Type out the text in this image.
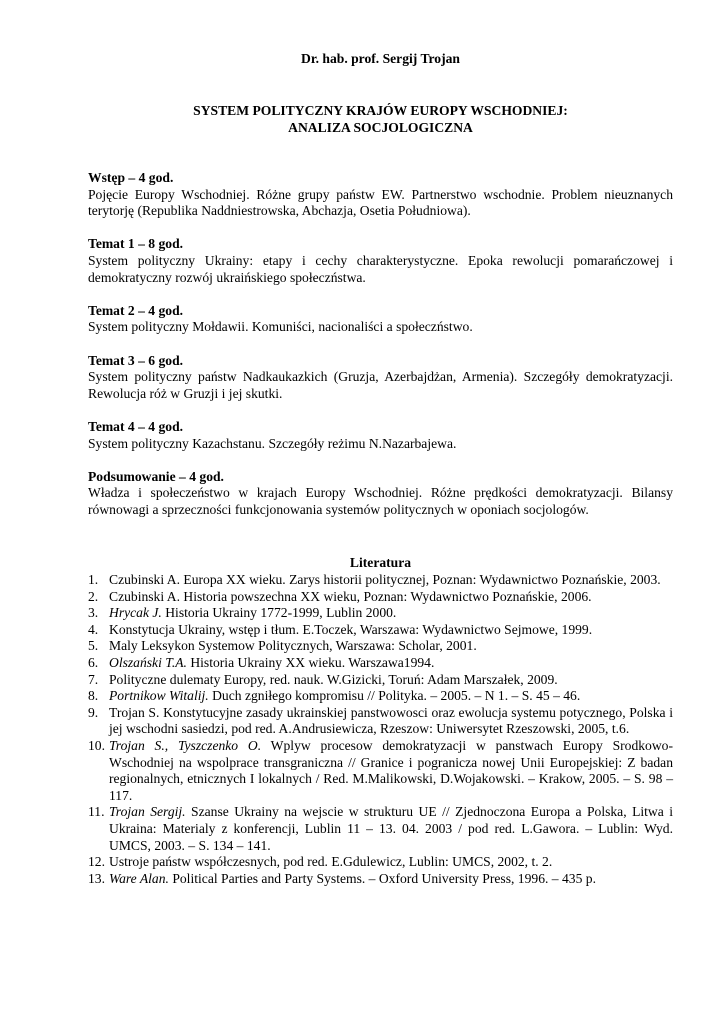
Dr. hab. prof. Sergij Trojan

SYSTEM POLITYCZNY KRAJÓW EUROPY WSCHODNIEJ:
ANALIZA SOCJOLOGICZNA

Wstęp – 4 god.

Pojęcie Europy Wschodniej. Różne grupy państw EW. Partnerstwo wschodnie. Problem nieuznanych terytorję (Republika Naddniestrowska, Abchazja, Osetia Południowa).

Temat 1 – 8 god.

System polityczny Ukrainy: etapy i cechy charakterystyczne. Epoka rewolucji pomarańczowej i demokratyczny rozwój ukraińskiego społeczństwa.

Temat 2 – 4 god.

System polityczny Mołdawii. Komuniści, nacionaliści a społeczństwo.

Temat 3 – 6 god.

System polityczny państw Nadkaukazkich (Gruzja, Azerbajdżan, Armenia). Szczegóły demokratyzacji. Rewolucja róż w Gruzji i jej skutki.

Temat 4 – 4 god.

System polityczny Kazachstanu. Szczegóły reżimu N.Nazarbajewa.

Podsumowanie – 4 god.

Władza i społeczeństwo w krajach Europy Wschodniej. Różne prędkości demokratyzacji. Bilansy równowagi a sprzeczności funkcjonowania systemów politycznych w oponiach socjologów.

Literatura

1. Czubinski A. Europa XX wieku. Zarys historii politycznej, Poznan: Wydawnictwo Poznańskie, 2003.
2. Czubinski A. Historia powszechna XX wieku, Poznan: Wydawnictwo Poznańskie, 2006.
3. Hrycak J. Historia Ukrainy 1772-1999, Lublin 2000.
4. Konstytucja Ukrainy, wstęp i tłum. E.Toczek, Warszawa: Wydawnictwo Sejmowe, 1999.
5. Maly Leksykon Systemow Politycznych, Warszawa: Scholar, 2001.
6. Olszański T.A. Historia Ukrainy XX wieku. Warszawa1994.
7. Polityczne dulematy Europy, red. nauk. W.Gizicki, Toruń: Adam Marszałek, 2009.
8. Portnikow Witalij. Duch zgniłego kompromisu // Polityka. – 2005. – N 1. – S. 45 – 46.
9. Trojan S. Konstytucyjne zasady ukrainskiej panstwowosci oraz ewolucja systemu potycznego, Polska i jej wschodni sasiedzi, pod red. A.Andrusiewicza, Rzeszow: Uniwersytet Rzeszowski, 2005, t.6.
10. Trojan S., Tyszczenko O. Wplyw procesow demokratyzacji w panstwach Europy Srodkowo-Wschodniej na wspolprace transgraniczna // Granice i pogranicza nowej Unii Europejskiej: Z badan regionalnych, etnicznych I lokalnych / Red. M.Malikowski, D.Wojakowski. – Krakow, 2005. – S. 98 – 117.
11. Trojan Sergij. Szanse Ukrainy na wejscie w strukturu UE // Zjednoczona Europa a Polska, Litwa i Ukraina: Materialy z konferencji, Lublin 11 – 13. 04. 2003 / pod red. L.Gawora. – Lublin: Wyd. UMCS, 2003. – S. 134 – 141.
12. Ustroje państw współczesnych, pod red. E.Gdulewicz, Lublin: UMCS, 2002, t. 2.
13. Ware Alan. Political Parties and Party Systems. – Oxford University Press, 1996. – 435 p.
